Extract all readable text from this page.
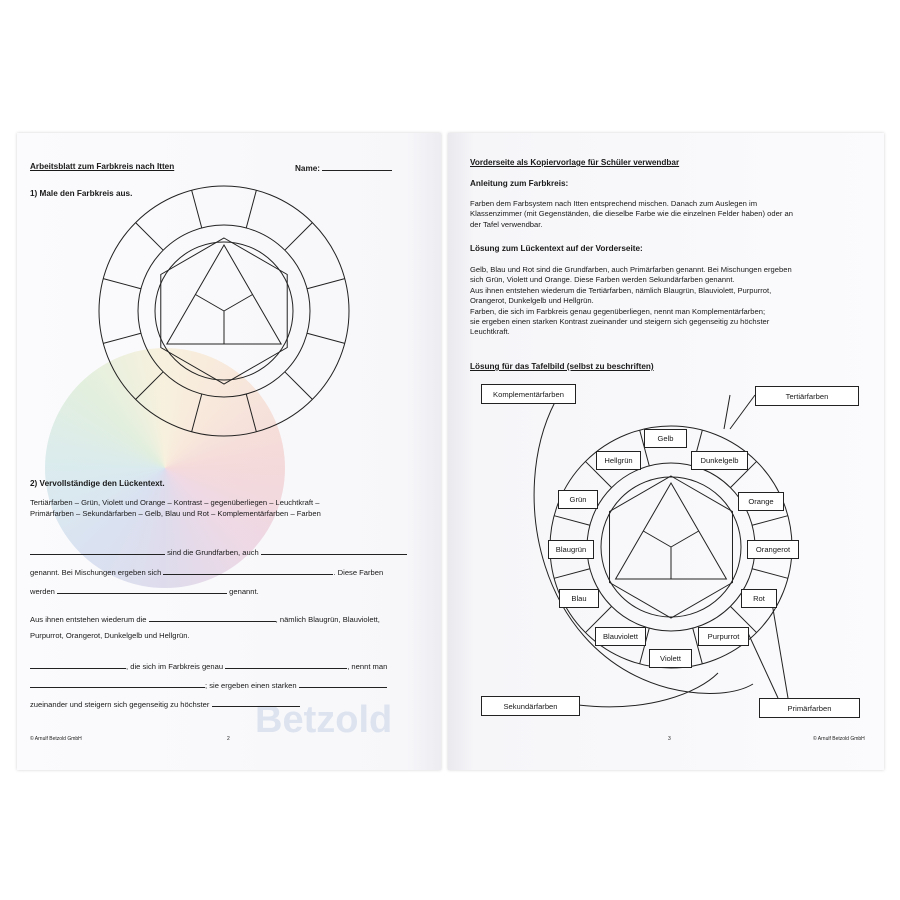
Betzold
Arbeitsblatt zum Farbkreis nach Itten	Name:
1) Male den Farbkreis aus.
2) Vervollständige den Lückentext.
Tertiärfarben – Grün, Violett und Orange – Kontrast – gegenüberliegen – Leuchtkraft –
Primärfarben – Sekundärfarben – Gelb, Blau und Rot – Komplementärfarben – Farben
sind die Grundfarben, auch
genannt. Bei Mischungen ergeben sich	. Diese Farben
werden	genannt.
Aus ihnen entstehen wiederum die	, nämlich Blaugrün, Blauviolett,
Purpurrot, Orangerot, Dunkelgelb und Hellgrün.
, die sich im Farbkreis genau	, nennt man
; sie ergeben einen starken
zueinander und steigern sich gegenseitig zu höchster
© Arnulf Betzold GmbH	2
Vorderseite als Kopiervorlage für Schüler verwendbar
Anleitung zum Farbkreis:
Farben dem Farbsystem nach Itten entsprechend mischen. Danach zum Auslegen im
Klassenzimmer (mit Gegenständen, die dieselbe Farbe wie die einzelnen Felder haben) oder an
der Tafel verwendbar.
Lösung zum Lückentext auf der Vorderseite:
Gelb, Blau und Rot sind die Grundfarben, auch Primärfarben genannt. Bei Mischungen ergeben
sich Grün, Violett und Orange. Diese Farben werden Sekundärfarben genannt.
Aus ihnen entstehen wiederum die Tertiärfarben, nämlich Blaugrün, Blauviolett, Purpurrot,
Orangerot, Dunkelgelb und Hellgrün.
Farben, die sich im Farbkreis genau gegenüberliegen, nennt man Komplementärfarben;
sie ergeben einen starken Kontrast zueinander und steigern sich gegenseitig zu höchster
Leuchtkraft.
Lösung für das Tafelbild (selbst zu beschriften)
Gelb
Hellgrün	Dunkelgelb
Grün	Orange
Blaugrün	Orangerot
Blau	Rot
Blauviolett	Purpurrot
Violett
Komplementärfarben	Tertiärfarben
Sekundärfarben	Primärfarben
3	© Arnulf Betzold GmbH
